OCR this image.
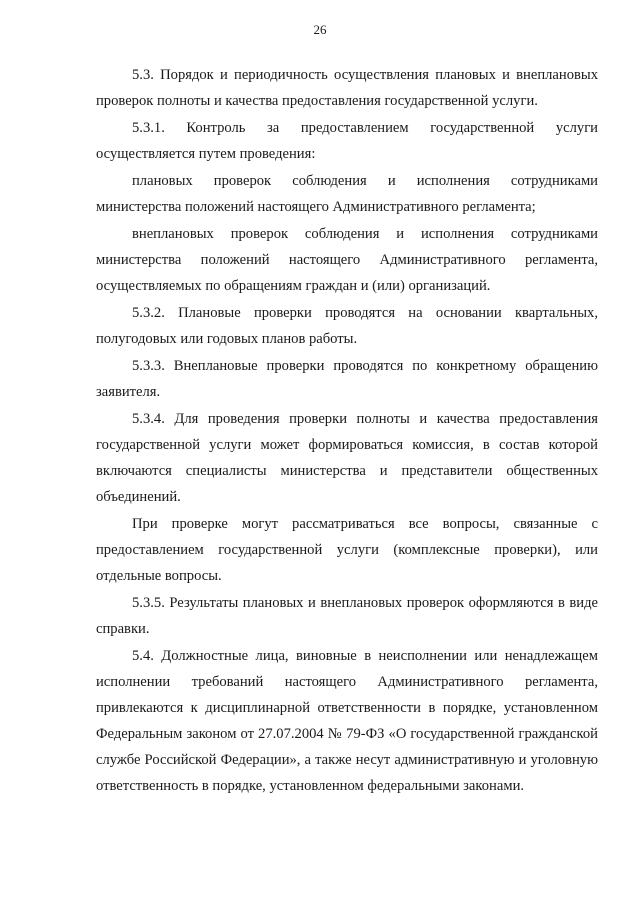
26

5.3. Порядок и периодичность осуществления плановых и внеплановых проверок полноты и качества предоставления государственной услуги.

5.3.1. Контроль за предоставлением государственной услуги осуществляется путем проведения:

плановых проверок соблюдения и исполнения сотрудниками министерства положений настоящего Административного регламента;

внеплановых проверок соблюдения и исполнения сотрудниками министерства положений настоящего Административного регламента, осуществляемых по обращениям граждан и (или) организаций.

5.3.2. Плановые проверки проводятся на основании квартальных, полугодовых или годовых планов работы.

5.3.3. Внеплановые проверки проводятся по конкретному обращению заявителя.

5.3.4. Для проведения проверки полноты и качества предоставления государственной услуги может формироваться комиссия, в состав которой включаются специалисты министерства и представители общественных объединений.

При проверке могут рассматриваться все вопросы, связанные с предоставлением государственной услуги (комплексные проверки), или отдельные вопросы.

5.3.5. Результаты плановых и внеплановых проверок оформляются в виде справки.

5.4. Должностные лица, виновные в неисполнении или ненадлежащем исполнении требований настоящего Административного регламента, привлекаются к дисциплинарной ответственности в порядке, установленном Федеральным законом от 27.07.2004 № 79-ФЗ «О государственной гражданской службе Российской Федерации», а также несут административную и уголовную ответственность в порядке, установленном федеральными законами.
